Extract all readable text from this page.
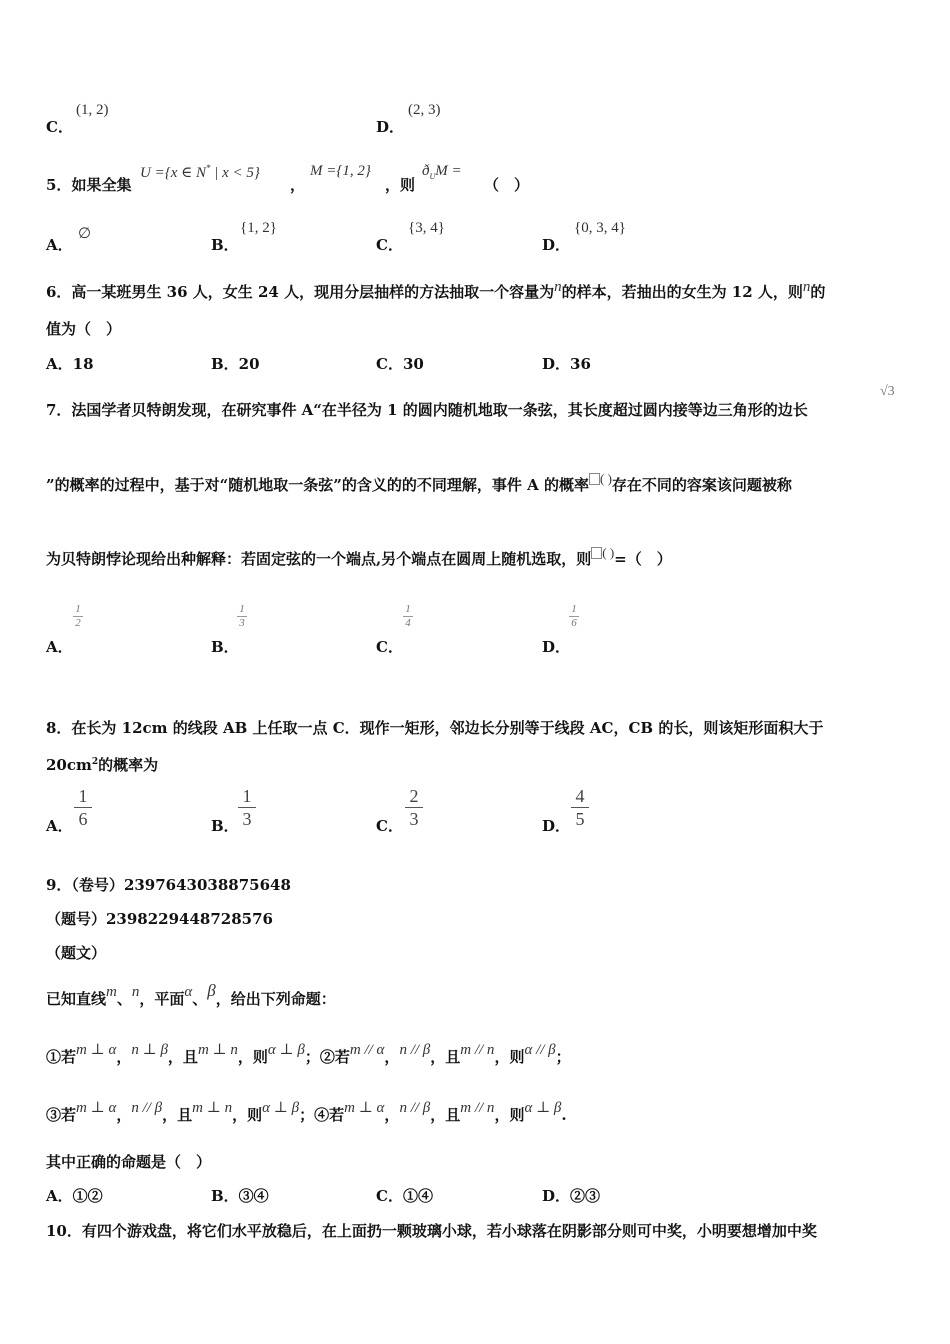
C．
(1, 2)
D．
(2, 3)
5．如果全集
U ={x ∈ N* | x < 5}
，
M ={1, 2}
，则
$ð_UM$ =
（　）
A．
∅
B．
{1, 2}
C．
{3, 4}
D．
{0, 3, 4}
6．高一某班男生 36 人，女生 24 人，现用分层抽样的方法抽取一个容量为n的样本，若抽出的女生为 12 人，则n的
值为（　）
A．18	B．20	C．30	D．36
7．法国学者贝特朗发现，在研究事件 A“在半径为 1 的圆内随机地取一条弦，其长度超过圆内接等边三角形的边长
√3
”的概率的过程中，基于对“随机地取一条弦”的含义的的不同理解，事件 A 的概率 ( )存在不同的容案该问题被称
为贝特朗悖论现给出种解释：若固定弦的一个端点,另个端点在圆周上随机选取，则 ( )=（　）
A．
1
2
B．
1
3
C．
1
4
D．
1
6
8．在长为 12cm 的线段 AB 上任取一点 C．现作一矩形，邻边长分别等于线段 AC，CB 的长，则该矩形面积大于
$20cm^2$的概率为
A．
1
6	B．
1
3	C．
2
3	D．
4
5
9．（卷号）2397643038875648
（题号）2398229448728576
（题文）
已知直线m、n，平面α、β，给出下列命题：
①若m ⊥ α，n ⊥ β，且m ⊥ n，则α ⊥ β；②若m // α，n // β，且m // n，则α // β；
③若m ⊥ α，n // β，且m ⊥ n，则α ⊥ β；④若m ⊥ α，n // β，且m // n，则α ⊥ β.
其中正确的命题是（　）
A．①②	B．③④	C．①④	D．②③
10．有四个游戏盘，将它们水平放稳后，在上面扔一颗玻璃小球，若小球落在阴影部分则可中奖，小明要想增加中奖
